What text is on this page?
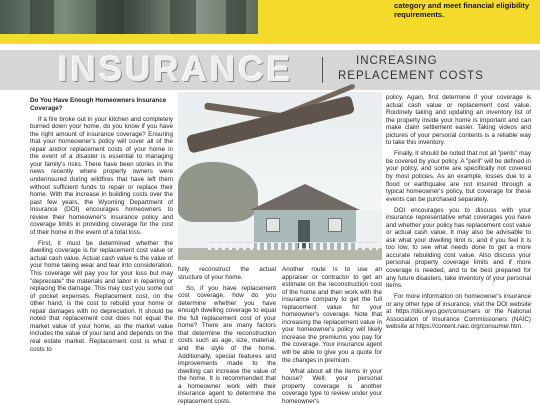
category and meet financial eligibility requirements.
INSURANCE	INCREASING
REPLACEMENT COSTS

Do You Have Enough Homeowners Insurance Coverage?

If a fire broke out in your kitchen and completely burned down your home, do you know if you have the right amount of insurance coverage? Ensuring that your homeowner's policy will cover all of the repair and/or replacement costs of your home in the event of a disaster is essential to managing your family's risks. There have been stories in the news recently where property owners were underinsured during wildfires that have left them without sufficient funds to repair or replace their home. With the increase in building costs over the past few years, the Wyoming Department of Insurance (DOI) encourages homeowners to review their homeowner's insurance policy and coverage limits in providing coverage for the cost of their home in the event of a total loss.

First, it must be determined whether the dwelling coverage is for replacement cost value or actual cash value. Actual cash value is the value of your home taking wear and tear into consideration. This coverage will pay you for your loss but may "depreciate" the materials and labor in repairing or replacing the damage. This may cost you some out of pocket expenses. Replacement cost, on the other hand, is the cost to rebuild your home or repair damages with no depreciation. It should be noted that replacement cost does not equal the market value of your home, as the market value includes the value of your land and depends on the real estate market. Replacement cost is what it costs to

fully reconstruct the actual structure of your home.

So, if you have replacement cost coverage, how do you determine whether you have enough dwelling coverage to equal the full replacement cost of your home? There are many factors that determine the reconstruction costs such as age, size, material, and the style of the home. Additionally, special features and improvements made to the dwelling can increase the value of the home. It is recommended that a homeowner work with their insurance agent to determine the replacement costs.

Another route is to use an appraiser or contractor to get an estimate on the reconstruction cost of the home and then work with the insurance company to get the full replacement value for your homeowner's coverage. Note that increasing the replacement value in your homeowner's policy will likely increase the premiums you pay for the coverage. Your insurance agent will be able to give you a quote for the changes in premium.

What about all the items in your house? Well, your personal property coverage is another coverage type to review under your homeowner's

policy. Again, first determine if your coverage is actual cash value or replacement cost value. Routinely taking and updating an inventory list of the property inside your home is important and can make claim settlement easier. Taking videos and pictures of your personal contents is a reliable way to take this inventory.

Finally, it should be noted that not all "perils" may be covered by your policy. A "peril" will be defined in your policy, and some are specifically not covered by most policies. As an example, losses due to a flood or earthquake are not insured through a typical homeowner's policy, but coverage for these events can be purchased separately.

DOI encourages you to discuss with your insurance representative what coverages you have and whether your policy has replacement cost value or actual cash value. It may also be advisable to ask what your dwelling limit is, and if you feel it is too low, to see what needs done to get a more accurate rebuilding cost value. Also discuss your personal property coverage limits and if more coverage is needed, and to be best prepared for any future disasters, take inventory of your personal items.

For more information on homeowner's insurance or any other type of insurance, visit the DOI website at https://doi.wyo.gov/consumers or the National Association of Insurance Commissioners (NAIC) website at https://content.naic.org/consumer.htm.
